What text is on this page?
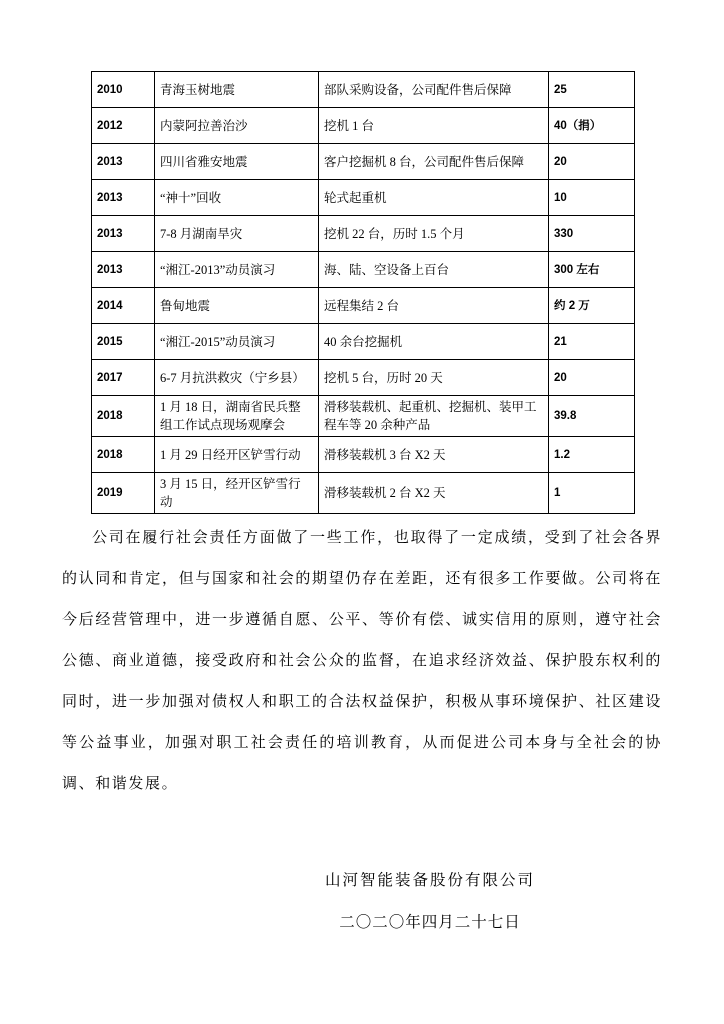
2010	青海玉树地震	部队采购设备，公司配件售后保障	25
2012	内蒙阿拉善治沙	挖机 1 台	40（捐）
2013	四川省雅安地震	客户挖掘机 8 台，公司配件售后保障	20
2013	“神十”回收	轮式起重机	10
2013	7-8 月湖南旱灾	挖机 22 台，历时 1.5 个月	330
2013	“湘江-2013”动员演习	海、陆、空设备上百台	300 左右
2014	鲁甸地震	远程集结 2 台	约 2 万
2015	“湘江-2015”动员演习	40 余台挖掘机	21
2017	6-7 月抗洪救灾（宁乡县）	挖机 5 台，历时 20 天	20
2018	1 月 18 日，湖南省民兵整组工作试点现场观摩会	滑移装载机、起重机、挖掘机、装甲工程车等 20 余种产品	39.8
2018	1 月 29 日经开区铲雪行动	滑移装载机 3 台 X2 天	1.2
2019	3 月 15 日，经开区铲雪行动	滑移装载机 2 台 X2 天	1

公司在履行社会责任方面做了一些工作，也取得了一定成绩，受到了社会各界的认同和肯定，但与国家和社会的期望仍存在差距，还有很多工作要做。公司将在今后经营管理中，进一步遵循自愿、公平、等价有偿、诚实信用的原则，遵守社会公德、商业道德，接受政府和社会公众的监督，在追求经济效益、保护股东权利的同时，进一步加强对债权人和职工的合法权益保护，积极从事环境保护、社区建设等公益事业，加强对职工社会责任的培训教育，从而促进公司本身与全社会的协调、和谐发展。

山河智能装备股份有限公司
二〇二〇年四月二十七日
